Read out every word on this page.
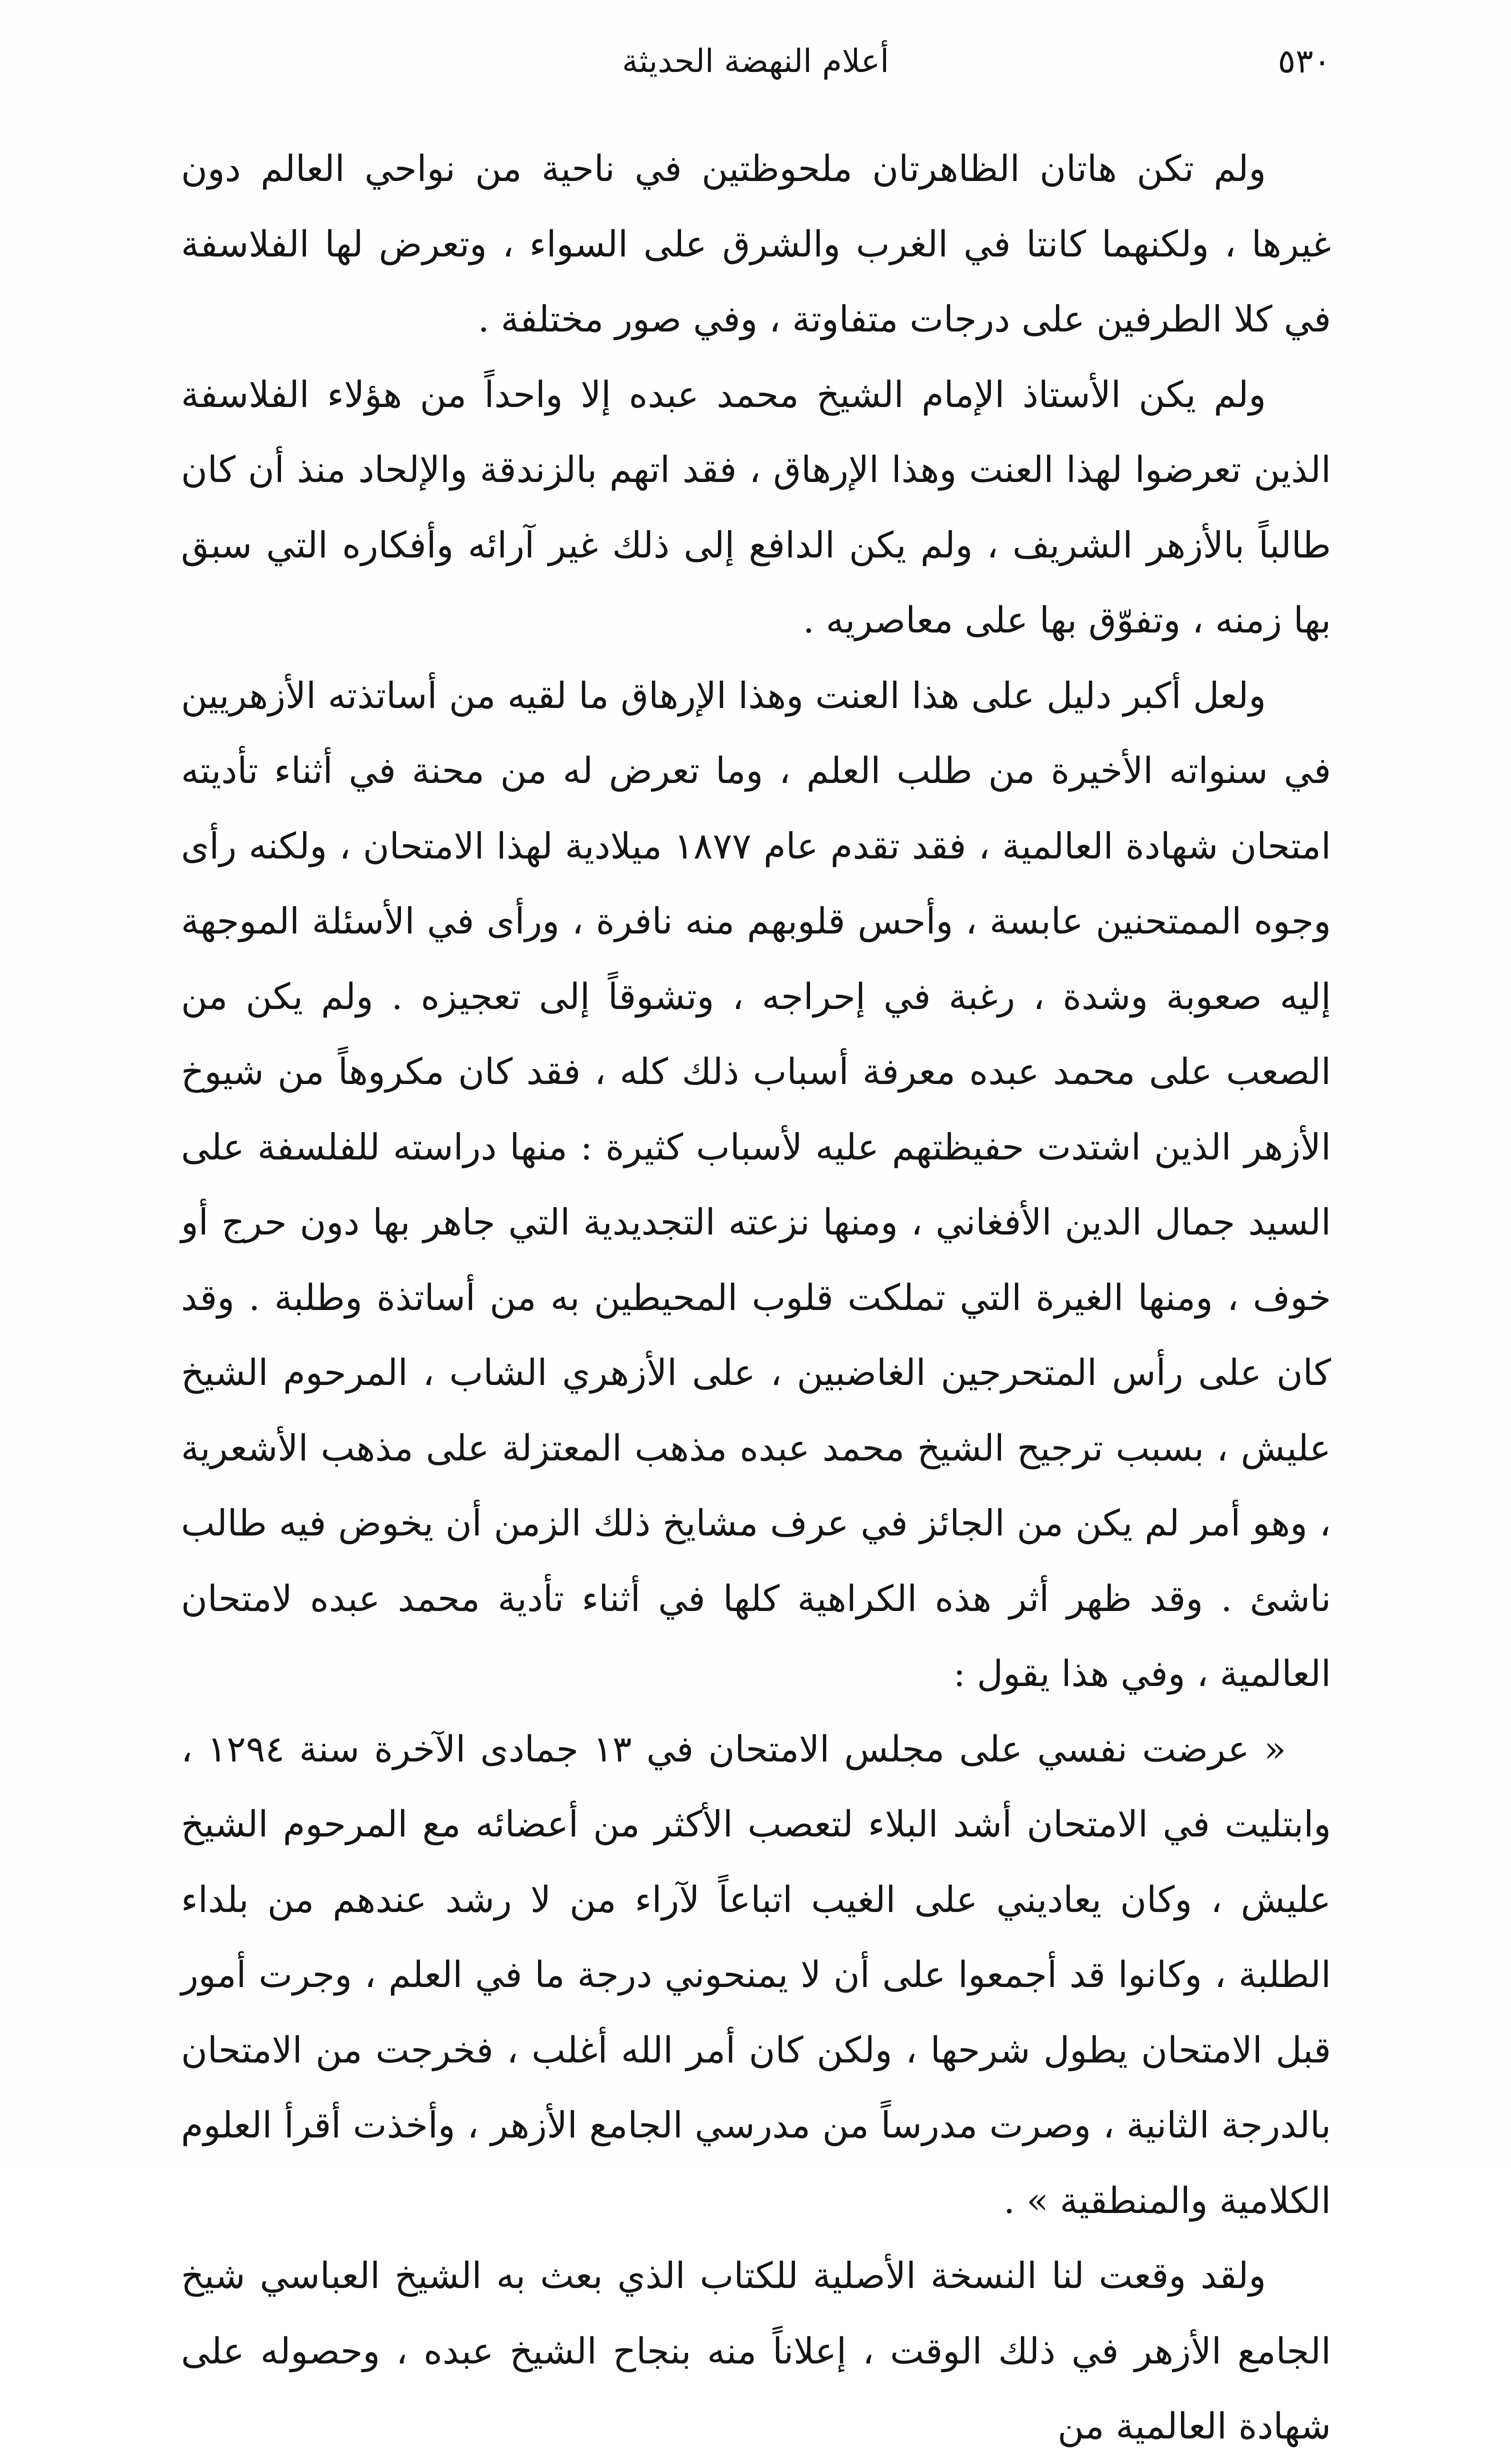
٥٣٠
أعلام النهضة الحديثة

ولم تكن هاتان الظاهرتان ملحوظتين في ناحية من نواحي العالم دون غيرها ، ولكنهما كانتا في الغرب والشرق على السواء ، وتعرض لها الفلاسفة في كلا الطرفين على درجات متفاوتة ، وفي صور مختلفة .

ولم يكن الأستاذ الإمام الشيخ محمد عبده إلا واحداً من هؤلاء الفلاسفة الذين تعرضوا لهذا العنت وهذا الإرهاق ، فقد اتهم بالزندقة والإلحاد منذ أن كان طالباً بالأزهر الشريف ، ولم يكن الدافع إلى ذلك غير آرائه وأفكاره التي سبق بها زمنه ، وتفوّق بها على معاصريه .

ولعل أكبر دليل على هذا العنت وهذا الإرهاق ما لقيه من أساتذته الأزهريين في سنواته الأخيرة من طلب العلم ، وما تعرض له من محنة في أثناء تأديته امتحان شهادة العالمية ، فقد تقدم عام ١٨٧٧ ميلادية لهذا الامتحان ، ولكنه رأى وجوه الممتحنين عابسة ، وأحس قلوبهم منه نافرة ، ورأى في الأسئلة الموجهة إليه صعوبة وشدة ، رغبة في إحراجه ، وتشوقاً إلى تعجيزه . ولم يكن من الصعب على محمد عبده معرفة أسباب ذلك كله ، فقد كان مكروهاً من شيوخ الأزهر الذين اشتدت حفيظتهم عليه لأسباب كثيرة : منها دراسته للفلسفة على السيد جمال الدين الأفغاني ، ومنها نزعته التجديدية التي جاهر بها دون حرج أو خوف ، ومنها الغيرة التي تملكت قلوب المحيطين به من أساتذة وطلبة . وقد كان على رأس المتحرجين الغاضبين ، على الأزهري الشاب ، المرحوم الشيخ عليش ، بسبب ترجيح الشيخ محمد عبده مذهب المعتزلة على مذهب الأشعرية ، وهو أمر لم يكن من الجائز في عرف مشايخ ذلك الزمن أن يخوض فيه طالب ناشئ . وقد ظهر أثر هذه الكراهية كلها في أثناء تأدية محمد عبده لامتحان العالمية ، وفي هذا يقول :

« عرضت نفسي على مجلس الامتحان في ١٣ جمادى الآخرة سنة ١٢٩٤ ، وابتليت في الامتحان أشد البلاء لتعصب الأكثر من أعضائه مع المرحوم الشيخ عليش ، وكان يعاديني على الغيب اتباعاً لآراء من لا رشد عندهم من بلداء الطلبة ، وكانوا قد أجمعوا على أن لا يمنحوني درجة ما في العلم ، وجرت أمور قبل الامتحان يطول شرحها ، ولكن كان أمر الله أغلب ، فخرجت من الامتحان بالدرجة الثانية ، وصرت مدرساً من مدرسي الجامع الأزهر ، وأخذت أقرأ العلوم الكلامية والمنطقية » .

ولقد وقعت لنا النسخة الأصلية للكتاب الذي بعث به الشيخ العباسي شيخ الجامع الأزهر في ذلك الوقت ، إعلاناً منه بنجاح الشيخ عبده ، وحصوله على شهادة العالمية من
